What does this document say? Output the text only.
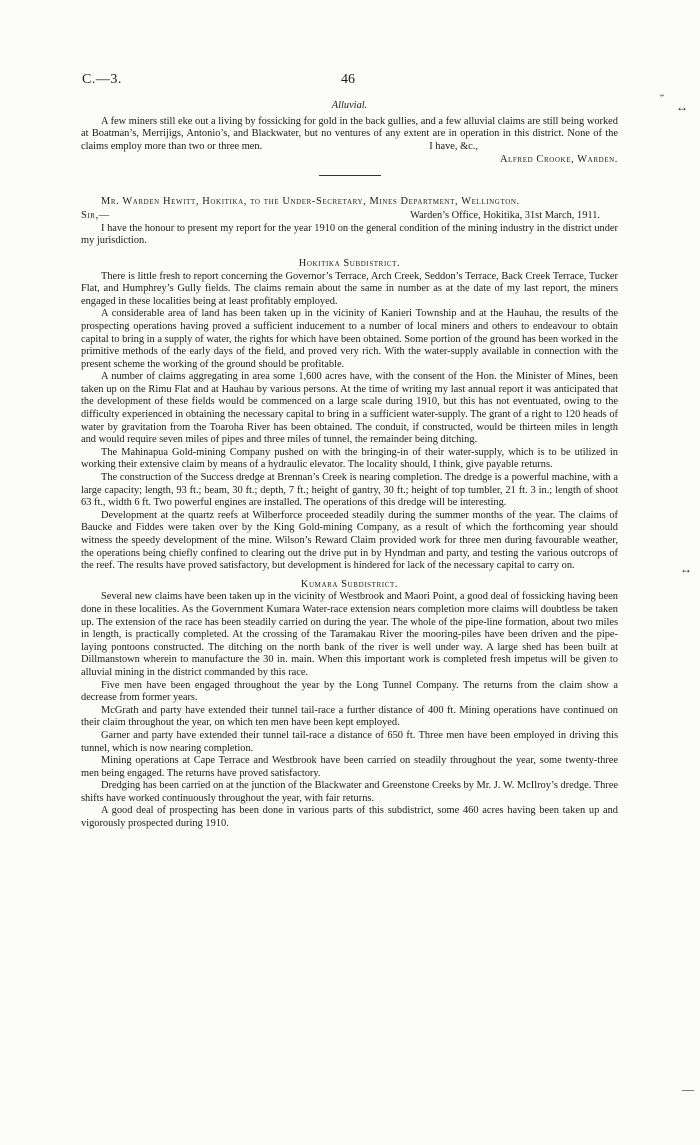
C.—3.	46
˝
↔
↔
—

Alluvial.

A few miners still eke out a living by fossicking for gold in the back gullies, and a few alluvial claims are still being worked at Boatman’s, Merrijigs, Antonio’s, and Blackwater, but no ventures of any extent are in operation in this district. None of the claims employ more than two or three men.	I have, &c.,

Alfred Crooke, Warden.

Mr. Warden Hewitt, Hokitika, to the Under-Secretary, Mines Department, Wellington.

Sir,—	Warden’s Office, Hokitika, 31st March, 1911.

I have the honour to present my report for the year 1910 on the general condition of the mining industry in the district under my jurisdiction.

Hokitika Subdistrict.

There is little fresh to report concerning the Governor’s Terrace, Arch Creek, Seddon’s Terrace, Back Creek Terrace, Tucker Flat, and Humphrey’s Gully fields. The claims remain about the same in number as at the date of my last report, the miners engaged in these localities being at least profitably employed.

A considerable area of land has been taken up in the vicinity of Kanieri Township and at the Hauhau, the results of the prospecting operations having proved a sufficient inducement to a number of local miners and others to endeavour to obtain capital to bring in a supply of water, the rights for which have been obtained. Some portion of the ground has been worked in the primitive methods of the early days of the field, and proved very rich. With the water-supply available in connection with the present scheme the working of the ground should be profitable.

A number of claims aggregating in area some 1,600 acres have, with the consent of the Hon. the Minister of Mines, been taken up on the Rimu Flat and at Hauhau by various persons. At the time of writing my last annual report it was anticipated that the development of these fields would be commenced on a large scale during 1910, but this has not eventuated, owing to the difficulty experienced in obtaining the necessary capital to bring in a sufficient water-supply. The grant of a right to 120 heads of water by gravitation from the Toaroha River has been obtained. The conduit, if constructed, would be thirteen miles in length and would require seven miles of pipes and three miles of tunnel, the remainder being ditching.

The Mahinapua Gold-mining Company pushed on with the bringing-in of their water-supply, which is to be utilized in working their extensive claim by means of a hydraulic elevator. The locality should, I think, give payable returns.

The construction of the Success dredge at Brennan’s Creek is nearing completion. The dredge is a powerful machine, with a large capacity; length, 93 ft.; beam, 30 ft.; depth, 7 ft.; height of gantry, 30 ft.; height of top tumbler, 21 ft. 3 in.; length of shoot 63 ft., width 6 ft. Two powerful engines are installed. The operations of this dredge will be interesting.

Development at the quartz reefs at Wilberforce proceeded steadily during the summer months of the year. The claims of Baucke and Fiddes were taken over by the King Gold-mining Company, as a result of which the forthcoming year should witness the speedy development of the mine. Wilson’s Reward Claim provided work for three men during favourable weather, the operations being chiefly confined to clearing out the drive put in by Hyndman and party, and testing the various outcrops of the reef. The results have proved satisfactory, but development is hindered for lack of the necessary capital to carry on.

Kumara Subdistrict.

Several new claims have been taken up in the vicinity of Westbrook and Maori Point, a good deal of fossicking having been done in these localities. As the Government Kumara Water-race extension nears completion more claims will doubtless be taken up. The extension of the race has been steadily carried on during the year. The whole of the pipe-line formation, about two miles in length, is practically completed. At the crossing of the Taramakau River the mooring-piles have been driven and the pipe-laying pontoons constructed. The ditching on the north bank of the river is well under way. A large shed has been built at Dillmanstown wherein to manufacture the 30 in. main. When this important work is completed fresh impetus will be given to alluvial mining in the district commanded by this race.

Five men have been engaged throughout the year by the Long Tunnel Company. The returns from the claim show a decrease from former years.

McGrath and party have extended their tunnel tail-race a further distance of 400 ft. Mining operations have continued on their claim throughout the year, on which ten men have been kept employed.

Garner and party have extended their tunnel tail-race a distance of 650 ft. Three men have been employed in driving this tunnel, which is now nearing completion.

Mining operations at Cape Terrace and Westbrook have been carried on steadily throughout the year, some twenty-three men being engaged. The returns have proved satisfactory.

Dredging has been carried on at the junction of the Blackwater and Greenstone Creeks by Mr. J. W. McIlroy’s dredge. Three shifts have worked continuously throughout the year, with fair returns.

A good deal of prospecting has been done in various parts of this subdistrict, some 460 acres having been taken up and vigorously prospected during 1910.
